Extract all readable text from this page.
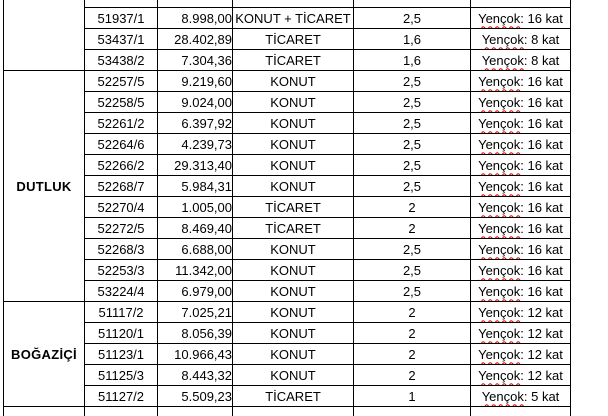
	51937/1	8.998,00	KONUT + TİCARET	2,5	Yençok: 16 kat
	53437/1	28.402,89	TİCARET	1,6	Yençok: 8 kat
	53438/2	7.304,36	TİCARET	1,6	Yençok: 8 kat
DUTLUK	52257/5	9.219,60	KONUT	2,5	Yençok: 16 kat
	52258/5	9.024,00	KONUT	2,5	Yençok: 16 kat
	52261/2	6.397,92	KONUT	2,5	Yençok: 16 kat
	52264/6	4.239,73	KONUT	2,5	Yençok: 16 kat
	52266/2	29.313,40	KONUT	2,5	Yençok: 16 kat
	52268/7	5.984,31	KONUT	2,5	Yençok: 16 kat
	52270/4	1.005,00	TİCARET	2	Yençok: 16 kat
	52272/5	8.469,40	TİCARET	2	Yençok: 16 kat
	52268/3	6.688,00	KONUT	2,5	Yençok: 16 kat
	52253/3	11.342,00	KONUT	2,5	Yençok: 16 kat
	53224/4	6.979,00	KONUT	2,5	Yençok: 16 kat
BOĞAZİÇİ	51117/2	7.025,21	KONUT	2	Yençok: 12 kat
	51120/1	8.056,39	KONUT	2	Yençok: 12 kat
	51123/1	10.966,43	KONUT	2	Yençok: 12 kat
	51125/3	8.443,32	KONUT	2	Yençok: 12 kat
	51127/2	5.509,23	TİCARET	1	Yençok: 5 kat
